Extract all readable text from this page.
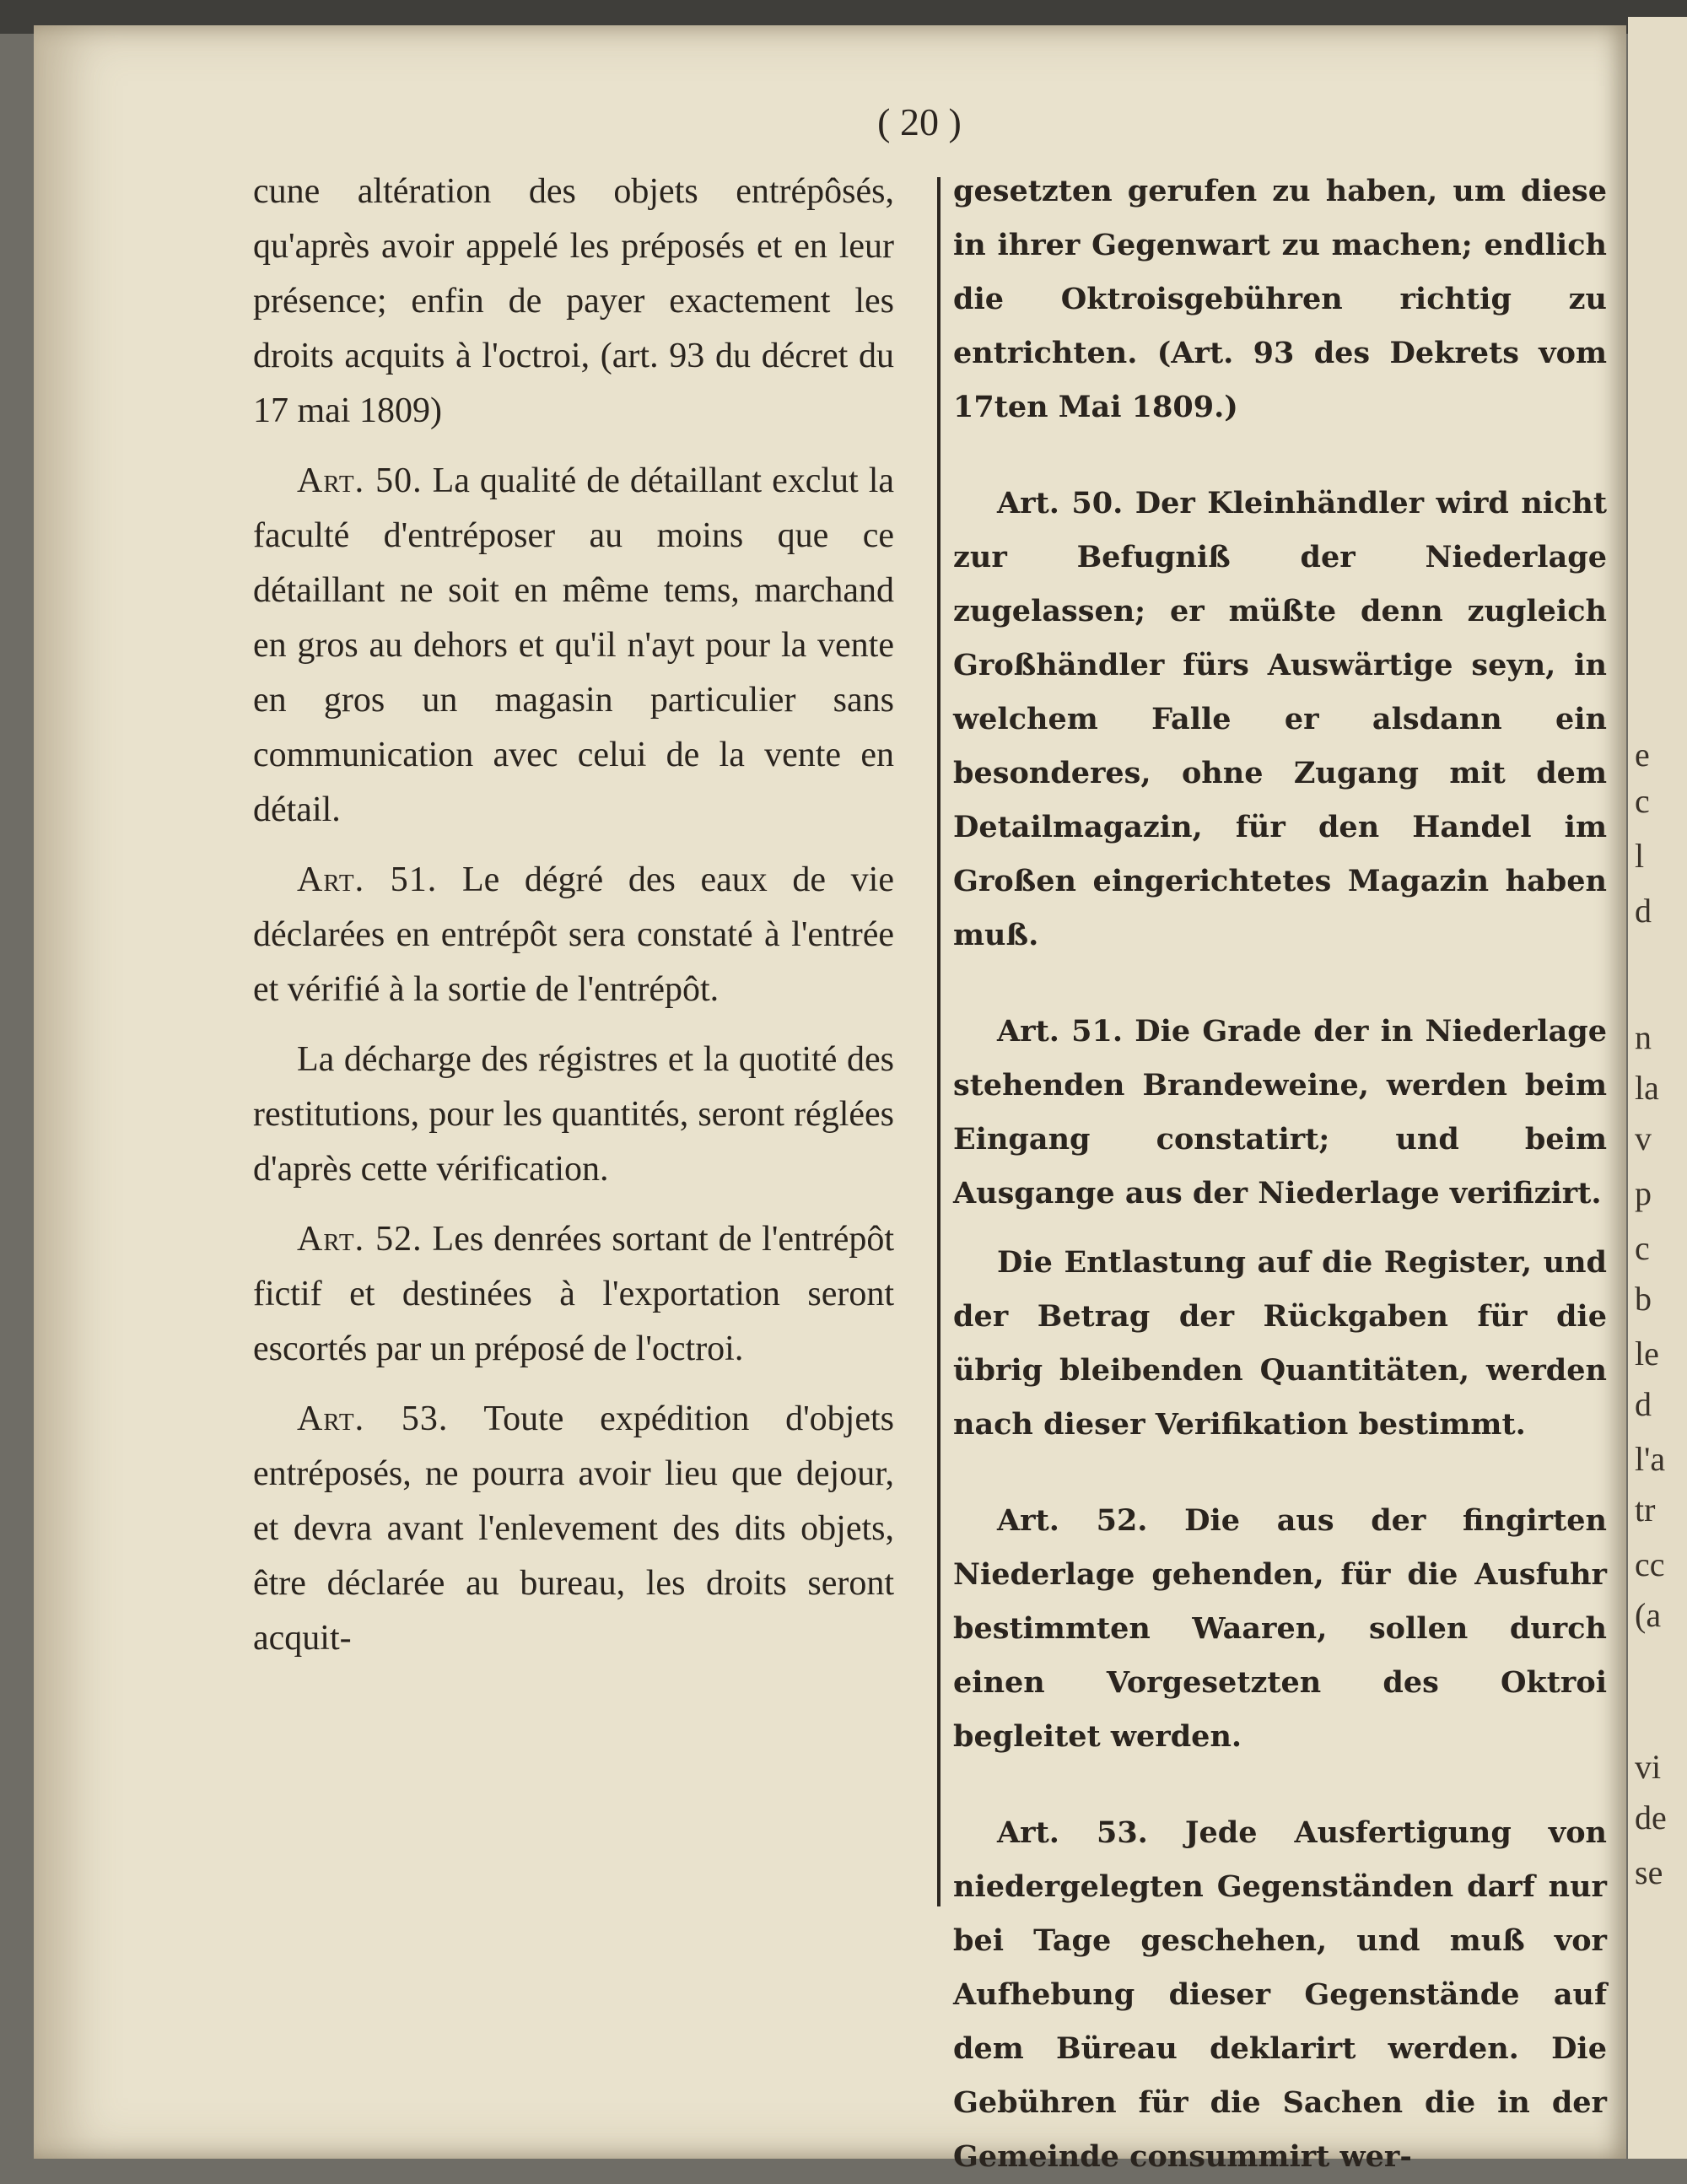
e
c
l
d
n
la
v
p
c
b
le
d
l'a
tr
cc
(a
vi
de
se
( 20 )

cune altération des objets entrépôsés, qu'après avoir appelé les préposés et en leur présence; enfin de payer exactement les droits acquits à l'octroi, (art. 93 du décret du 17 mai 1809)

Art. 50. La qualité de détaillant exclut la faculté d'entréposer au moins que ce détaillant ne soit en même tems, marchand en gros au dehors et qu'il n'ayt pour la vente en gros un magasin particulier sans communication avec celui de la vente en détail.

Art. 51. Le dégré des eaux de vie déclarées en entrépôt sera constaté à l'entrée et vérifié à la sortie de l'entrépôt.

La décharge des régistres et la quotité des restitutions, pour les quantités, seront réglées d'après cette vérification.

Art. 52. Les denrées sortant de l'entrépôt fictif et destinées à l'exportation seront escortés par un préposé de l'octroi.

Art. 53. Toute expédition d'objets entréposés, ne pourra avoir lieu que dejour, et devra avant l'enlevement des dits objets, être déclarée au bureau, les droits seront acquit-

gesetzten gerufen zu haben, um diese in ihrer Gegenwart zu machen; endlich die Oktroisgebühren richtig zu entrichten. (Art. 93 des Dekrets vom 17ten Mai 1809.)

Art. 50. Der Kleinhändler wird nicht zur Befugniß der Niederlage zugelassen; er müßte denn zugleich Großhändler fürs Auswärtige seyn, in welchem Falle er alsdann ein besonderes, ohne Zugang mit dem Detailmagazin, für den Handel im Großen eingerichtetes Magazin haben muß.

Art. 51. Die Grade der in Niederlage stehenden Brandeweine, werden beim Eingang constatirt; und beim Ausgange aus der Niederlage verifizirt.

Die Entlastung auf die Register, und der Betrag der Rückgaben für die übrig bleibenden Quantitäten, werden nach dieser Verifikation bestimmt.

Art. 52. Die aus der fingirten Niederlage gehenden, für die Ausfuhr bestimmten Waaren, sollen durch einen Vorgesetzten des Oktroi begleitet werden.

Art. 53. Jede Ausfertigung von niedergelegten Gegenständen darf nur bei Tage geschehen, und muß vor Aufhebung dieser Gegenstände auf dem Büreau deklarirt werden. Die Gebühren für die Sachen die in der Gemeinde consummirt wer-
